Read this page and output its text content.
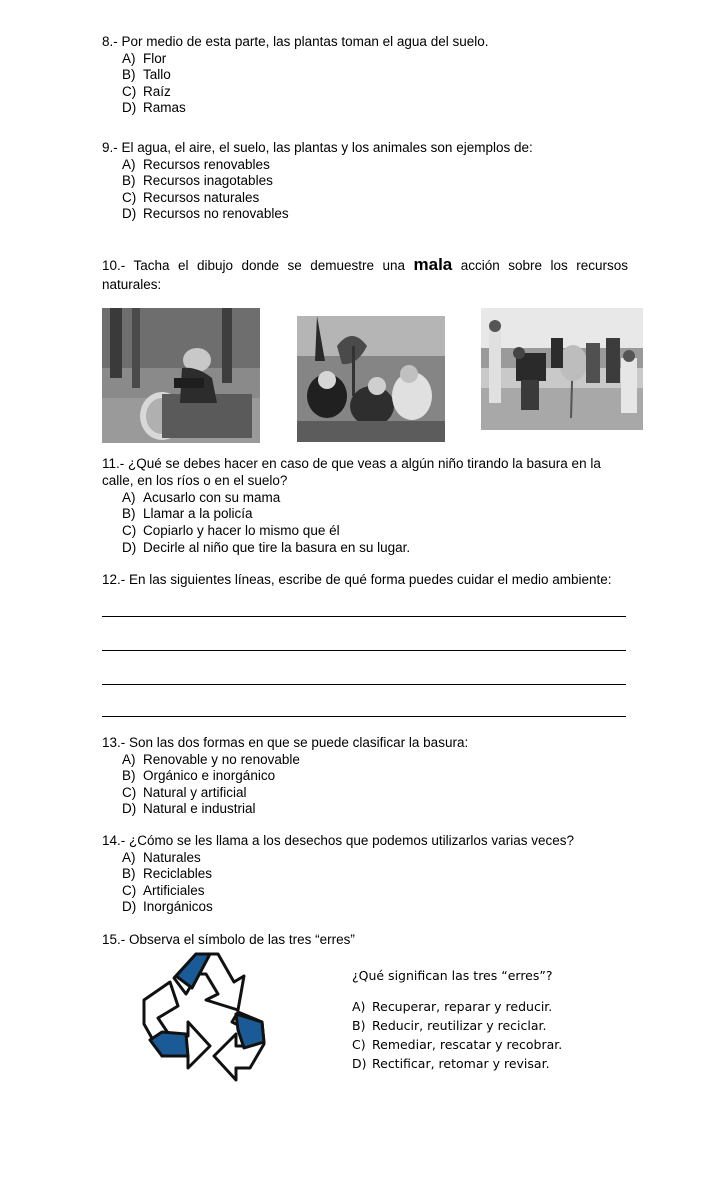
8.- Por medio de esta parte, las plantas toman el agua del suelo.
A) Flor
B) Tallo
C) Raíz
D) Ramas
9.- El agua, el aire, el suelo, las plantas y los animales son ejemplos de:
A) Recursos renovables
B) Recursos inagotables
C) Recursos naturales
D) Recursos no renovables
10.- Tacha el dibujo donde se demuestre una mala acción sobre los recursos naturales:
11.- ¿Qué se debes hacer en caso de que veas a algún niño tirando la basura en la calle, en los ríos o en el suelo?
A) Acusarlo con su mama
B) Llamar a la policía
C) Copiarlo y hacer lo mismo que él
D) Decirle al niño que tire la basura en su lugar.
12.- En las siguientes líneas, escribe de qué forma puedes cuidar el medio ambiente:
13.- Son las dos formas en que se puede clasificar la basura:
A) Renovable y no renovable
B) Orgánico e inorgánico
C) Natural y artificial
D) Natural e industrial
14.- ¿Cómo se les llama a los desechos que podemos utilizarlos varias veces?
A) Naturales
B) Reciclables
C) Artificiales
D) Inorgánicos
15.- Observa el símbolo de las tres “erres”
¿Qué significan las tres “erres”?
A) Recuperar, reparar y reducir.
B) Reducir, reutilizar y reciclar.
C) Remediar, rescatar y recobrar.
D) Rectificar, retomar y revisar.
